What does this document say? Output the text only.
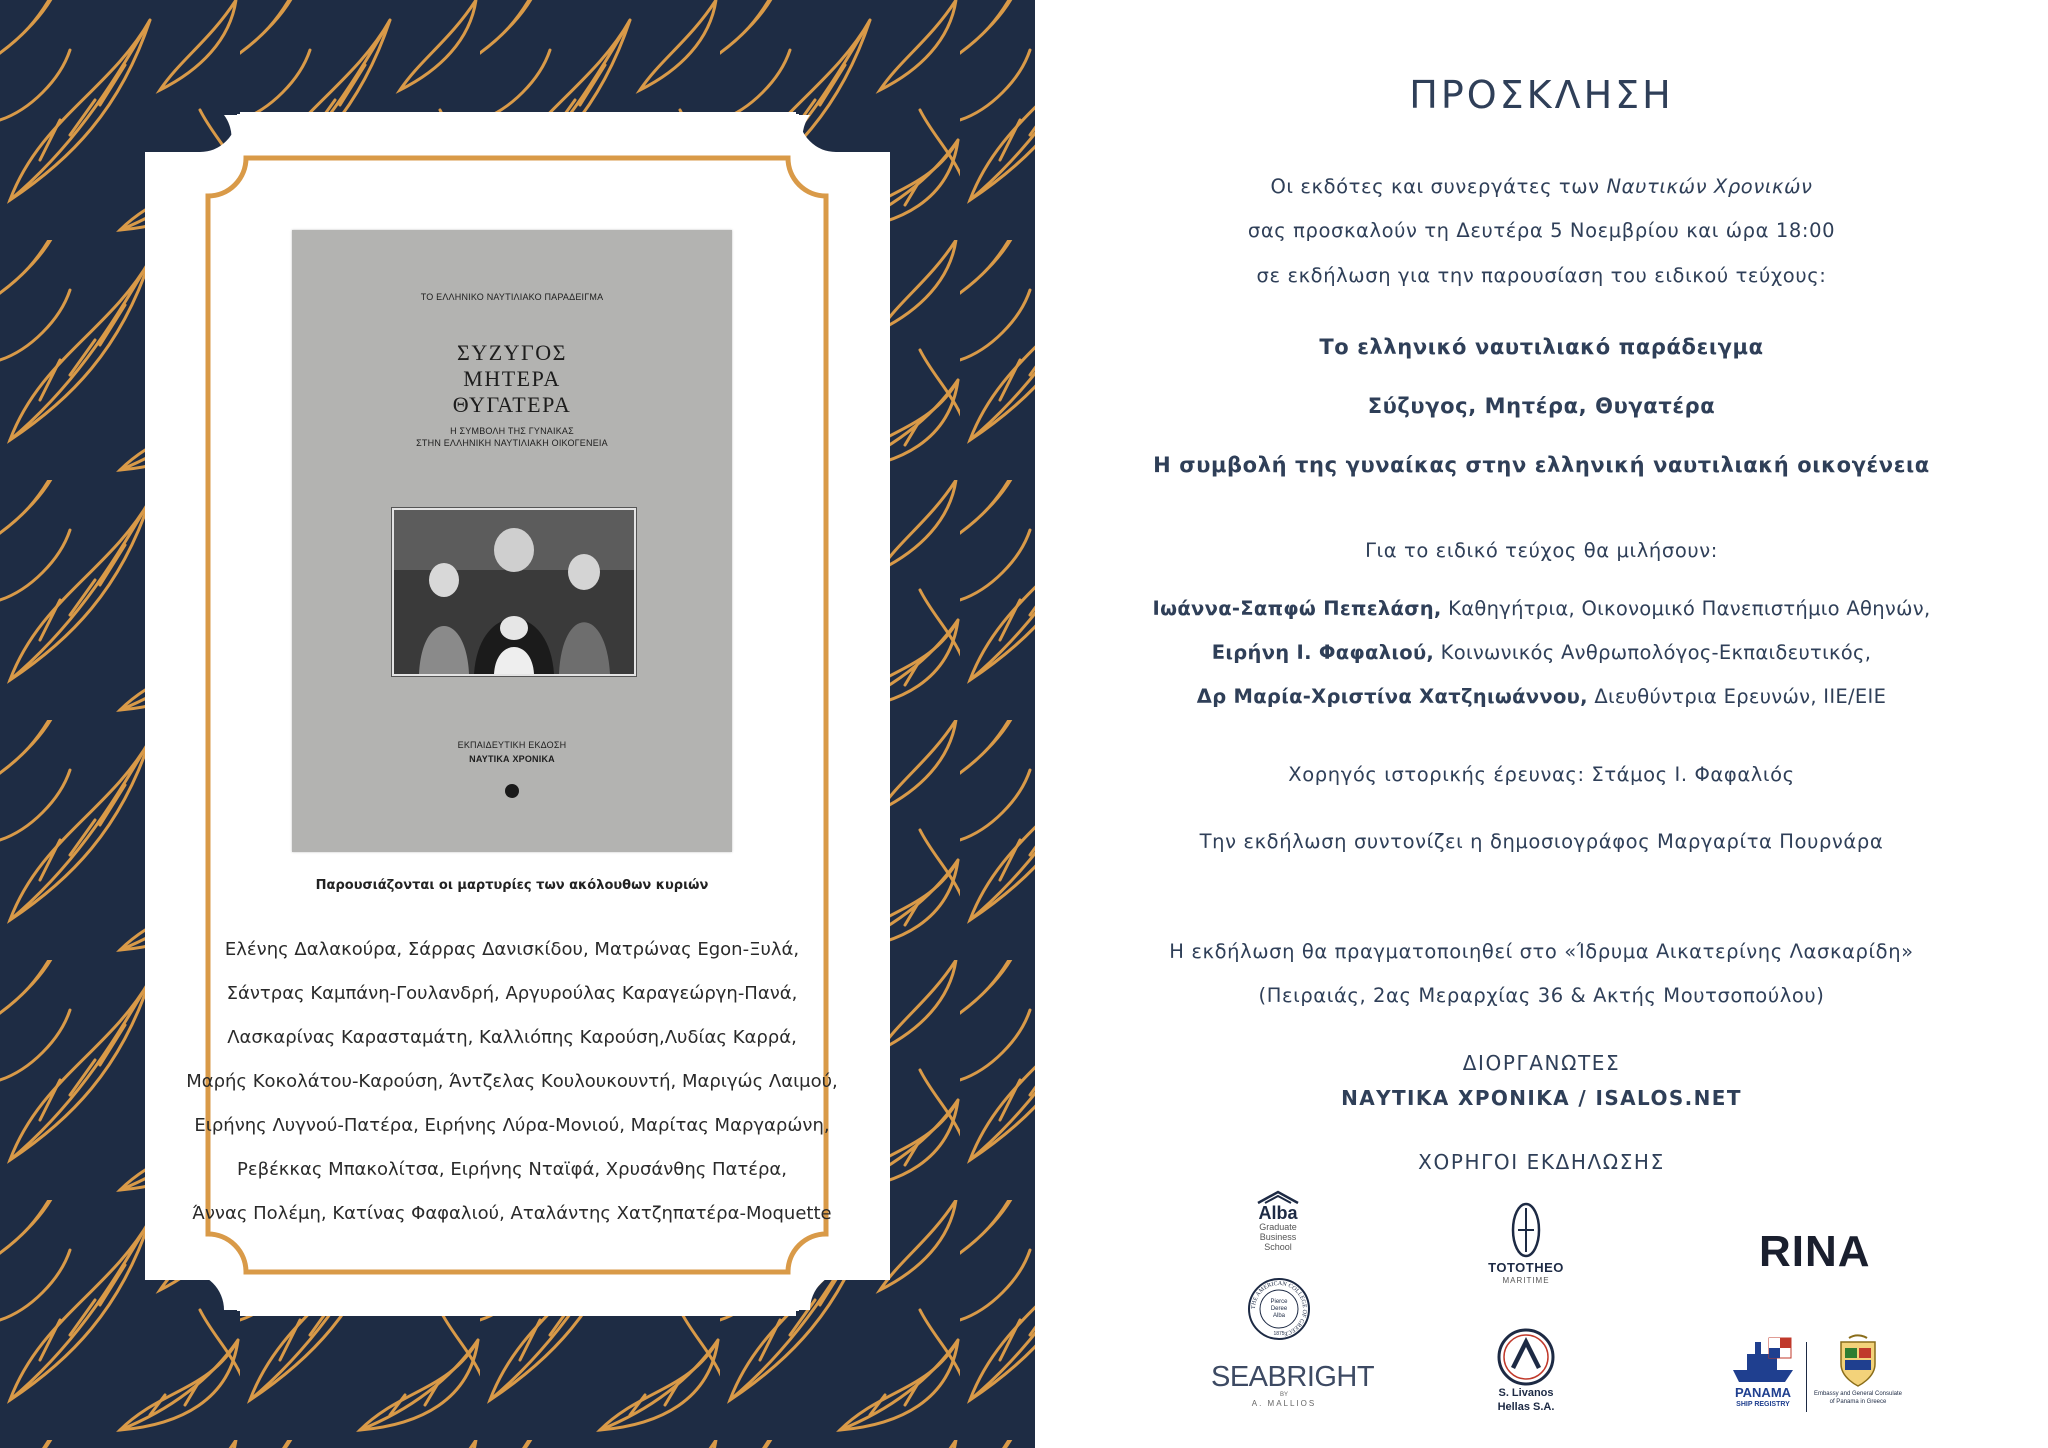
ΤΟ ΕΛΛΗΝΙΚΟ ΝΑΥΤΙΛΙΑΚΟ ΠΑΡΑΔΕΙΓΜΑ
ΣΥΖΥΓΟΣ
ΜΗΤΕΡΑ
ΘΥΓΑΤΕΡΑ
Η ΣΥΜΒΟΛΗ ΤΗΣ ΓΥΝΑΙΚΑΣ
ΣΤΗΝ ΕΛΛΗΝΙΚΗ ΝΑΥΤΙΛΙΑΚΗ ΟΙΚΟΓΕΝΕΙΑ
ΕΚΠΑΙΔΕΥΤΙΚΗ ΕΚΔΟΣΗ
ΝΑΥΤΙΚΑ ΧΡΟΝΙΚΑ
Παρουσιάζονται οι μαρτυρίες των ακόλουθων κυριών
Ελένης Δαλακούρα, Σάρρας Δανισκίδου, Ματρώνας Egon-Ξυλά,
Σάντρας Καμπάνη-Γουλανδρή, Αργυρούλας Καραγεώργη-Πανά,
Λασκαρίνας Καρασταμάτη, Καλλιόπης Καρούση,Λυδίας Καρρά,
Μαρής Κοκολάτου-Καρούση, Άντζελας Κουλουκουντή, Μαριγώς Λαιμού,
Ειρήνης Λυγνού-Πατέρα, Ειρήνης Λύρα-Μονιού, Μαρίτας Μαργαρώνη,
Ρεβέκκας Μπακολίτσα, Ειρήνης Νταϊφά, Χρυσάνθης Πατέρα,
Άννας Πολέμη, Κατίνας Φαφαλιού, Αταλάντης Χατζηπατέρα-Moquette
ΠΡΟΣΚΛΗΣΗ
Οι εκδότες και συνεργάτες των Ναυτικών Χρονικών
σας προσκαλούν τη Δευτέρα 5 Νοεμβρίου και ώρα 18:00
σε εκδήλωση για την παρουσίαση του ειδικού τεύχους:
Το ελληνικό ναυτιλιακό παράδειγμα
Σύζυγος, Μητέρα, Θυγατέρα
Η συμβολή της γυναίκας στην ελληνική ναυτιλιακή οικογένεια
Για το ειδικό τεύχος θα μιλήσουν:
Ιωάννα-Σαπφώ Πεπελάση, Καθηγήτρια, Οικονομικό Πανεπιστήμιο Αθηνών,
Ειρήνη Ι. Φαφαλιού, Κοινωνικός Ανθρωπολόγος-Εκπαιδευτικός,
Δρ Μαρία-Χριστίνα Χατζηιωάννου, Διευθύντρια Ερευνών, ΙΙΕ/ΕΙΕ
Χορηγός ιστορικής έρευνας: Στάμος Ι. Φαφαλιός
Την εκδήλωση συντονίζει η δημοσιογράφος Μαργαρίτα Πουρνάρα
Η εκδήλωση θα πραγματοποιηθεί στο «Ίδρυμα Αικατερίνης Λασκαρίδη»
(Πειραιάς, 2ας Μεραρχίας 36 & Ακτής Μουτσοπούλου)
ΔΙΟΡΓΑΝΩΤΕΣ
ΝΑΥΤΙΚΑ ΧΡΟΝΙΚΑ / ISALOS.NET
ΧΟΡΗΓΟΙ ΕΚΔΗΛΩΣΗΣ
Alba
Graduate
Business
School
THE AMERICAN COLLEGE OF GREECE
Pierce
Deree
Alba
1875
SEABRIGHT
BY
A. MALLIOS
TOTOTHEO
MARITIME
S. Livanos
Hellas S.A.
RINA
PANAMA
SHIP REGISTRY
Embassy and General Consulate of Panama in Greece
